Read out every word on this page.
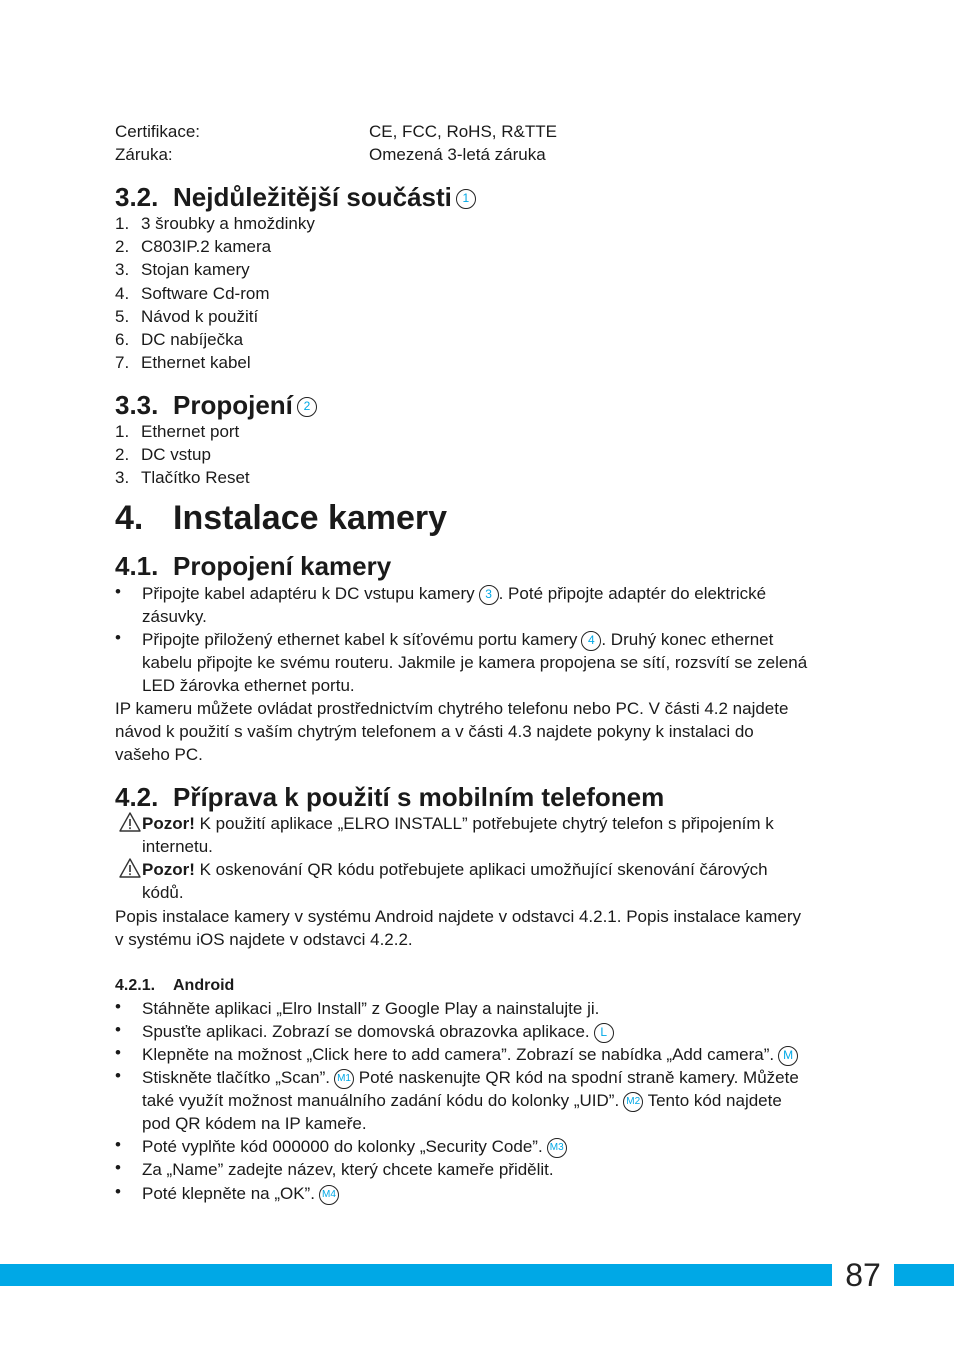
Certifikace:	CE, FCC, RoHS, R&TTE
Záruka:	Omezená 3-letá záruka
3.2. Nejdůležitější součásti 1
1. 3 šroubky a hmoždinky
2. C803IP.2 kamera
3. Stojan kamery
4. Software Cd-rom
5. Návod k použití
6. DC nabíječka
7. Ethernet kabel
3.3. Propojení 2
1. Ethernet port
2. DC vstup
3. Tlačítko Reset
4. Instalace kamery
4.1. Propojení kamery
• Připojte kabel adaptéru k DC vstupu kamery 3 . Poté připojte adaptér do elektrické
zásuvky.
• Připojte přiložený ethernet kabel k síťovému portu kamery 4 . Druhý konec ethernet
kabelu připojte ke svému routeru. Jakmile je kamera propojena se sítí, rozsvítí se zelená
LED žárovka ethernet portu.
IP kameru můžete ovládat prostřednictvím chytrého telefonu nebo PC. V části 4.2 najdete
návod k použití s vaším chytrým telefonem a v části 4.3 najdete pokyny k instalaci do
vašeho PC.
4.2. Příprava k použití s mobilním telefonem
Pozor! K použití aplikace „ELRO INSTALL” potřebujete chytrý telefon s připojením k
internetu.
Pozor! K oskenování QR kódu potřebujete aplikaci umožňující skenování čárových
kódů.
Popis instalace kamery v systému Android najdete v odstavci 4.2.1. Popis instalace kamery
v systému iOS najdete v odstavci 4.2.2.
4.2.1. Android
• Stáhněte aplikaci „Elro Install” z Google Play a nainstalujte ji.
• Spusťte aplikaci. Zobrazí se domovská obrazovka aplikace. L
• Klepněte na možnost „Click here to add camera”. Zobrazí se nabídka „Add camera”. M
• Stiskněte tlačítko „Scan”. M1 Poté naskenujte QR kód na spodní straně kamery. Můžete
také využít možnost manuálního zadání kódu do kolonky „UID”. M2 Tento kód najdete
pod QR kódem na IP kameře.
• Poté vyplňte kód 000000 do kolonky „Security Code”. M3
• Za „Name” zadejte název, který chcete kameře přidělit.
• Poté klepněte na „OK”. M4
87
